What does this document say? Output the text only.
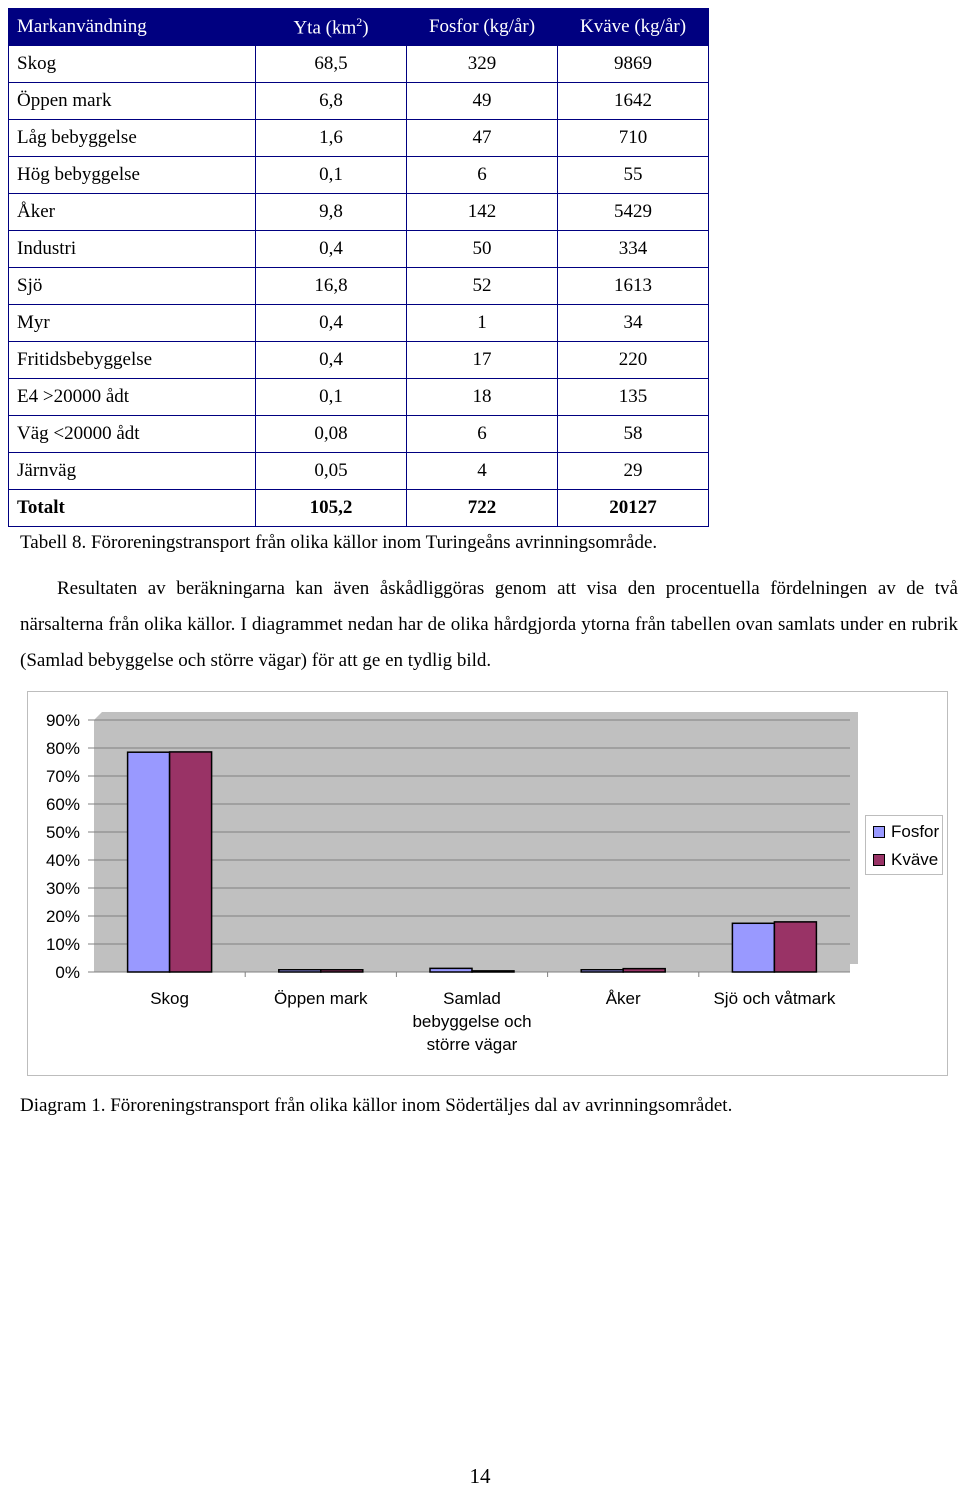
Markanvändning	Yta $(km^2)$	Fosfor (kg/år)	Kväve (kg/år)
Skog	68,5	329	9869
Öppen mark	6,8	49	1642
Låg bebyggelse	1,6	47	710
Hög bebyggelse	0,1	6	55
Åker	9,8	142	5429
Industri	0,4	50	334
Sjö	16,8	52	1613
Myr	0,4	1	34
Fritidsbebyggelse	0,4	17	220
E4 >20000 ådt	0,1	18	135
Väg <20000 ådt	0,08	6	58
Järnväg	0,05	4	29
Totalt	105,2	722	20127
Tabell 8. Föroreningstransport från olika källor inom Turingeåns avrinningsområde.

Resultaten av beräkningarna kan även åskådliggöras genom att visa den procentuella fördelningen av de två närsalterna från olika källor. I diagrammet nedan har de olika hårdgjorda ytorna från tabellen ovan samlats under en rubrik (Samlad bebyggelse och större vägar) för att ge en tydlig bild.

0%
10%
20%
30%
40%
50%
60%
70%
80%
90%
Skog	Öppen mark	Samlad bebyggelse och större vägar
Åker	Sjö och våtmark
Fosfor
Kväve
Diagram 1. Föroreningstransport från olika källor inom Södertäljes dal av avrinningsområdet.
14
